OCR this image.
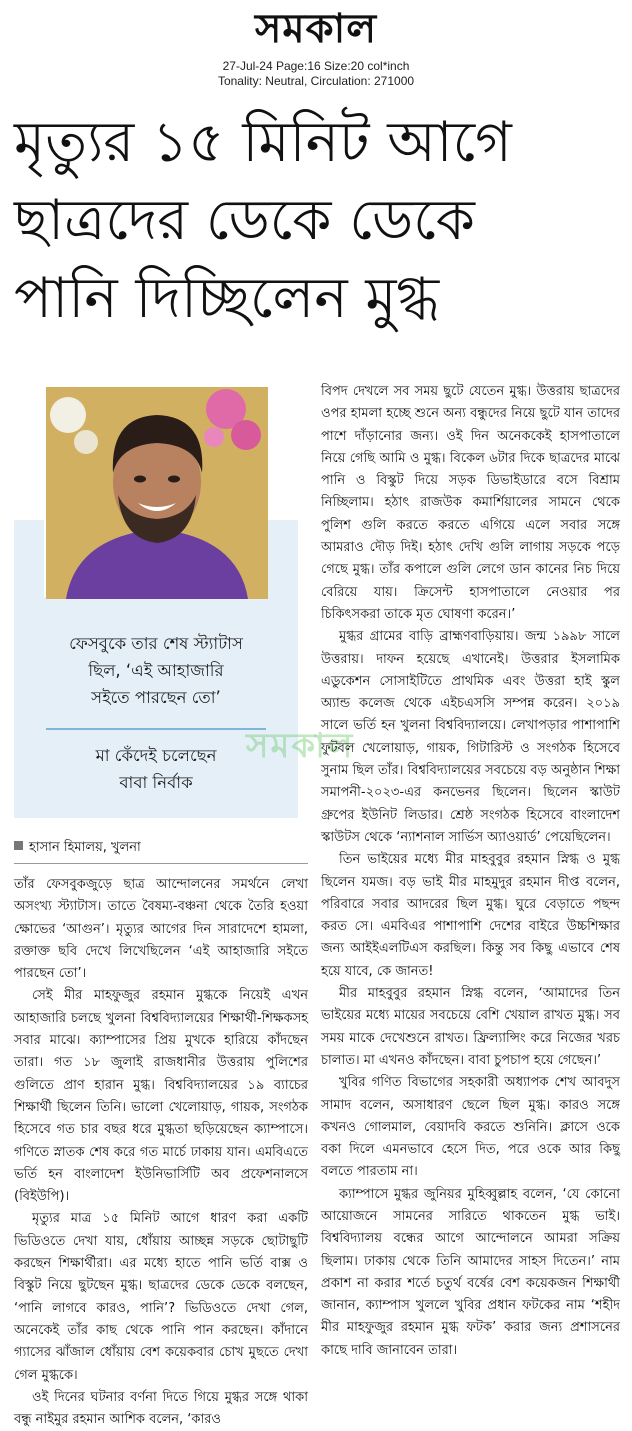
সমকাল
27-Jul-24 Page:16 Size:20 col*inch
Tonality: Neutral, Circulation: 271000
মৃত্যুর ১৫ মিনিট আগে
ছাত্রদের ডেকে ডেকে
পানি দিচ্ছিলেন মুগ্ধ
ফেসবুকে তার শেষ স্ট্যাটাস
ছিল, ‘এই আহাজারি
সইতে পারছেন তো’
মা কেঁদেই চলেছেন
বাবা নির্বাক
সমকাল
হাসান হিমালয়, খুলনা

তাঁর ফেসবুকজুড়ে ছাত্র আন্দোলনের সমর্থনে লেখা অসংখ্য স্ট্যাটাস। তাতে বৈষম্য-বঞ্চনা থেকে তৈরি হওয়া ক্ষোভের ‘আগুন’। মৃত্যুর আগের দিন সারাদেশে হামলা, রক্তাক্ত ছবি দেখে লিখেছিলেন ‘এই আহাজারি সইতে পারছেন তো’।

সেই মীর মাহফুজুর রহমান মুগ্ধকে নিয়েই এখন আহাজারি চলছে খুলনা বিশ্ববিদ্যালয়ের শিক্ষার্থী-শিক্ষকসহ সবার মাঝে। ক্যাম্পাসের প্রিয় মুখকে হারিয়ে কাঁদছেন তারা। গত ১৮ জুলাই রাজধানীর উত্তরায় পুলিশের গুলিতে প্রাণ হারান মুগ্ধ। বিশ্ববিদ্যালয়ের ১৯ ব্যাচের শিক্ষার্থী ছিলেন তিনি। ভালো খেলোয়াড়, গায়ক, সংগঠক হিসেবে গত চার বছর ধরে মুগ্ধতা ছড়িয়েছেন ক্যাম্পাসে। গণিতে স্নাতক শেষ করে গত মার্চে ঢাকায় যান। এমবিএতে ভর্তি হন বাংলাদেশ ইউনিভার্সিটি অব প্রফেশনালসে (বিইউপি)।

মৃত্যুর মাত্র ১৫ মিনিট আগে ধারণ করা একটি ভিডিওতে দেখা যায়, ধোঁয়ায় আচ্ছন্ন সড়কে ছোটাছুটি করছেন শিক্ষার্থীরা। এর মধ্যে হাতে পানি ভর্তি বাক্স ও বিস্কুট নিয়ে ছুটছেন মুগ্ধ। ছাত্রদের ডেকে ডেকে বলছেন, ‘পানি লাগবে কারও, পানি’? ভিডিওতে দেখা গেল, অনেকেই তাঁর কাছ থেকে পানি পান করছেন। কাঁদানে গ্যাসের ঝাঁজাল ধোঁয়ায় বেশ কয়েকবার চোখ মুছতে দেখা গেল মুগ্ধকে।

ওই দিনের ঘটনার বর্ণনা দিতে গিয়ে মুগ্ধর সঙ্গে থাকা বন্ধু নাইমুর রহমান আশিক বলেন, ‘কারও

বিপদ দেখলে সব সময় ছুটে যেতেন মুগ্ধ। উত্তরায় ছাত্রদের ওপর হামলা হচ্ছে শুনে অন্য বন্ধুদের নিয়ে ছুটে যান তাদের পাশে দাঁড়ানোর জন্য। ওই দিন অনেককেই হাসপাতালে নিয়ে গেছি আমি ও মুগ্ধ। বিকেল ৬টার দিকে ছাত্রদের মাঝে পানি ও বিস্কুট দিয়ে সড়ক ডিভাইডারে বসে বিশ্রাম নিচ্ছিলাম। হঠাৎ রাজউক কমার্শিয়ালের সামনে থেকে পুলিশ গুলি করতে করতে এগিয়ে এলে সবার সঙ্গে আমরাও দৌড় দিই। হঠাৎ দেখি গুলি লাগায় সড়কে পড়ে গেছে মুগ্ধ। তাঁর কপালে গুলি লেগে ডান কানের নিচ দিয়ে বেরিয়ে যায়। ক্রিসেন্ট হাসপাতালে নেওয়ার পর চিকিৎসকরা তাকে মৃত ঘোষণা করেন।’

মুগ্ধর গ্রামের বাড়ি ব্রাহ্মণবাড়িয়ায়। জন্ম ১৯৯৮ সালে উত্তরায়। দাফন হয়েছে এখানেই। উত্তরার ইসলামিক এডুকেশন সোসাইটিতে প্রাথমিক এবং উত্তরা হাই স্কুল অ্যান্ড কলেজ থেকে এইচএসসি সম্পন্ন করেন। ২০১৯ সালে ভর্তি হন খুলনা বিশ্ববিদ্যালয়ে। লেখাপড়ার পাশাপাশি ফুটবল খেলোয়াড়, গায়ক, গিটারিস্ট ও সংগঠক হিসেবে সুনাম ছিল তাঁর। বিশ্ববিদ্যালয়ের সবচেয়ে বড় অনুষ্ঠান শিক্ষা সমাপনী-২০২৩-এর কনভেনর ছিলেন। ছিলেন স্কাউট গ্রুপের ইউনিট লিডার। শ্রেষ্ঠ সংগঠক হিসেবে বাংলাদেশ স্কাউটস থেকে ‘ন্যাশনাল সার্ভিস অ্যাওয়ার্ড’ পেয়েছিলেন।

তিন ভাইয়ের মধ্যে মীর মাহবুবুর রহমান স্নিগ্ধ ও মুগ্ধ ছিলেন যমজ। বড় ভাই মীর মাহমুদুর রহমান দীপ্ত বলেন, পরিবারে সবার আদরের ছিল মুগ্ধ। ঘুরে বেড়াতে পছন্দ করত সে। এমবিএর পাশাপাশি দেশের বাইরে উচ্চশিক্ষার জন্য আইইএলটিএস করছিল। কিন্তু সব কিছু এভাবে শেষ হয়ে যাবে, কে জানত!

মীর মাহবুবুর রহমান স্নিগ্ধ বলেন, ‘আমাদের তিন ভাইয়ের মধ্যে মায়ের সবচেয়ে বেশি খেয়াল রাখত মুগ্ধ। সব সময় মাকে দেখেশুনে রাখত। ফ্রিল্যান্সিং করে নিজের খরচ চালাত। মা এখনও কাঁদছেন। বাবা চুপচাপ হয়ে গেছেন।’

খুবির গণিত বিভাগের সহকারী অধ্যাপক শেখ আবদুস সামাদ বলেন, অসাধারণ ছেলে ছিল মুগ্ধ। কারও সঙ্গে কখনও গোলমাল, বেয়াদবি করতে শুনিনি। ক্লাসে ওকে বকা দিলে এমনভাবে হেসে দিত, পরে ওকে আর কিছু বলতে পারতাম না।

ক্যাম্পাসে মুগ্ধর জুনিয়র মুহিব্বুল্লাহ বলেন, ‘যে কোনো আয়োজনে সামনের সারিতে থাকতেন মুগ্ধ ভাই। বিশ্ববিদ্যালয় বন্ধের আগে আন্দোলনে আমরা সক্রিয় ছিলাম। ঢাকায় থেকে তিনি আমাদের সাহস দিতেন।’ নাম প্রকাশ না করার শর্তে চতুর্থ বর্ষের বেশ কয়েকজন শিক্ষার্থী জানান, ক্যাম্পাস খুললে খুবির প্রধান ফটকের নাম ‘শহীদ মীর মাহফুজুর রহমান মুগ্ধ ফটক’ করার জন্য প্রশাসনের কাছে দাবি জানাবেন তারা।
